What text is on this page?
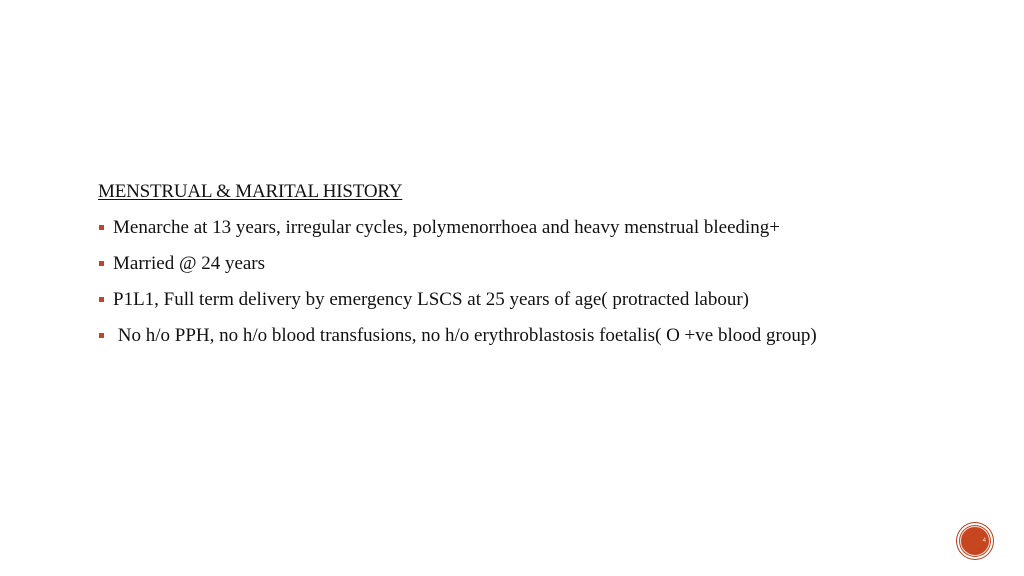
MENSTRUAL & MARITAL HISTORY
Menarche at 13 years, irregular cycles, polymenorrhoea and heavy menstrual bleeding+
Married @ 24 years
P1L1, Full term delivery by emergency LSCS at 25 years of age( protracted labour)
No h/o PPH, no h/o blood transfusions, no h/o erythroblastosis foetalis( O +ve blood group)
4
